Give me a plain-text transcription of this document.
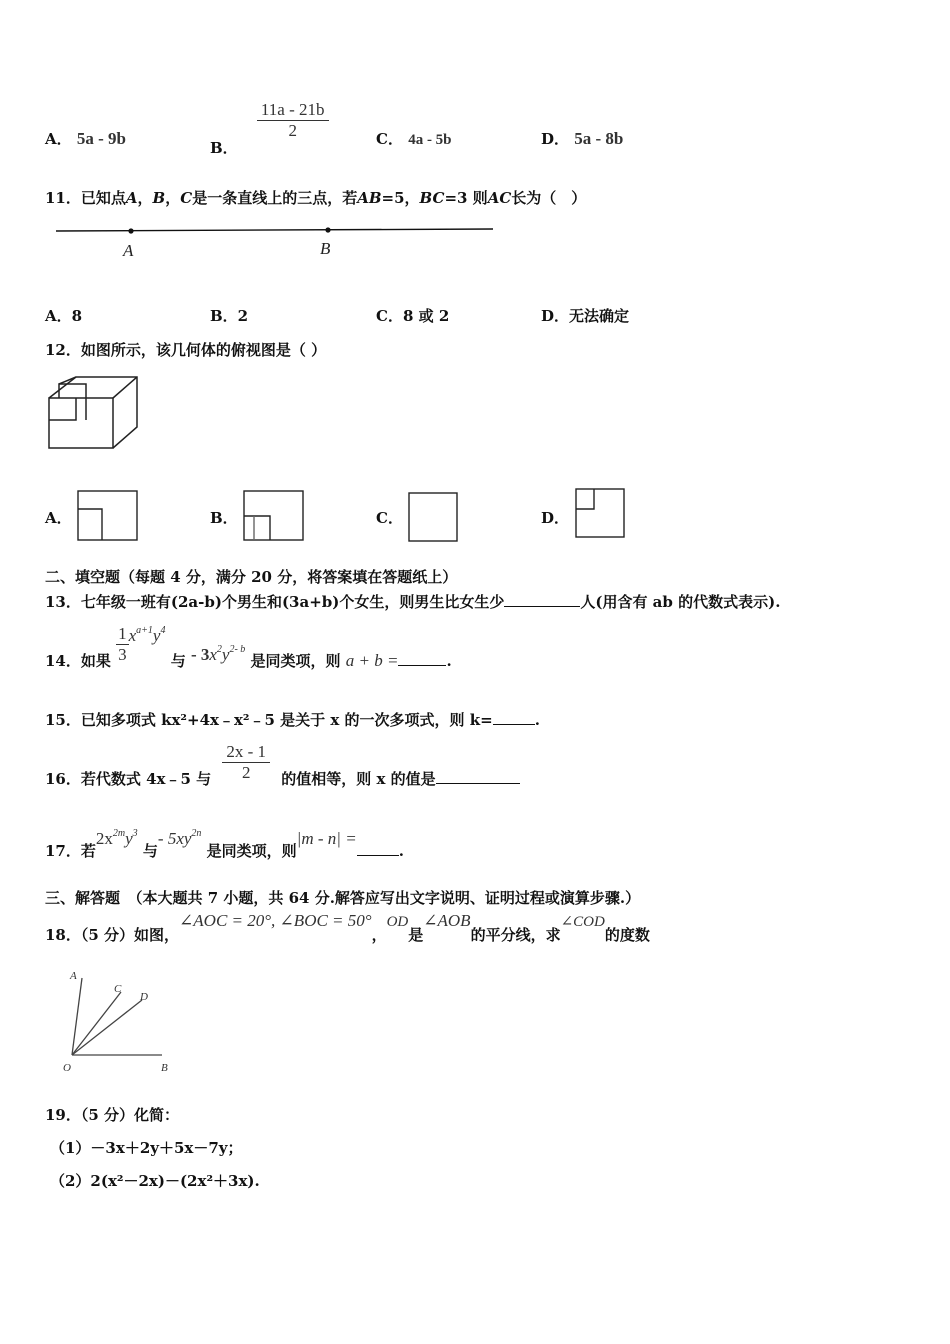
A． 5a - 9b	B．
$\frac{11a - 21b}{2}$	C． 4a - 5b	D． 5a - 8b
11．已知点A，B，C是一条直线上的三点，若AB=5，BC=3 则AC长为（　）
A	B
A．8	B．2	C．8 或 2	D．无法确定
12．如图所示，该几何体的俯视图是（ ）
A．	B．	C．	D．
二、填空题（每题 4 分，满分 20 分，将答案填在答题纸上）
13．七年级一班有(2a-b)个男生和(3a+b)个女生，则男生比女生少	人(用含有 ab 的代数式表示).
14．如果 $\frac{1}{3} x^{a+1}y^4$ 与 - $3x^2y^{2- b}$ 是同类项，则 a + b =	.
15．已知多项式 kx²+4x﹣x²﹣5 是关于 x 的一次多项式，则 k=	.
16．若代数式 4x﹣5 与 $\frac{2x - 1}{2}$ 的值相等，则 x 的值是
17．若$2x^{2m}y^3$ 与- $5xy^{2n}$ 是同类项，则|m - n| =.
三、解答题　（本大题共 7 小题，共 64 分.解答应写出文字说明、证明过程或演算步骤.）
18．（5 分）如图，∠AOC = 20°, ∠BOC = 50°，OD是∠AOB的平分线，求∠COD的度数
A
C
D
O	B
19．（5 分）化简：
（1）－3x＋2y＋5x－7y；
（2）2(x²－2x)－(2x²＋3x).
